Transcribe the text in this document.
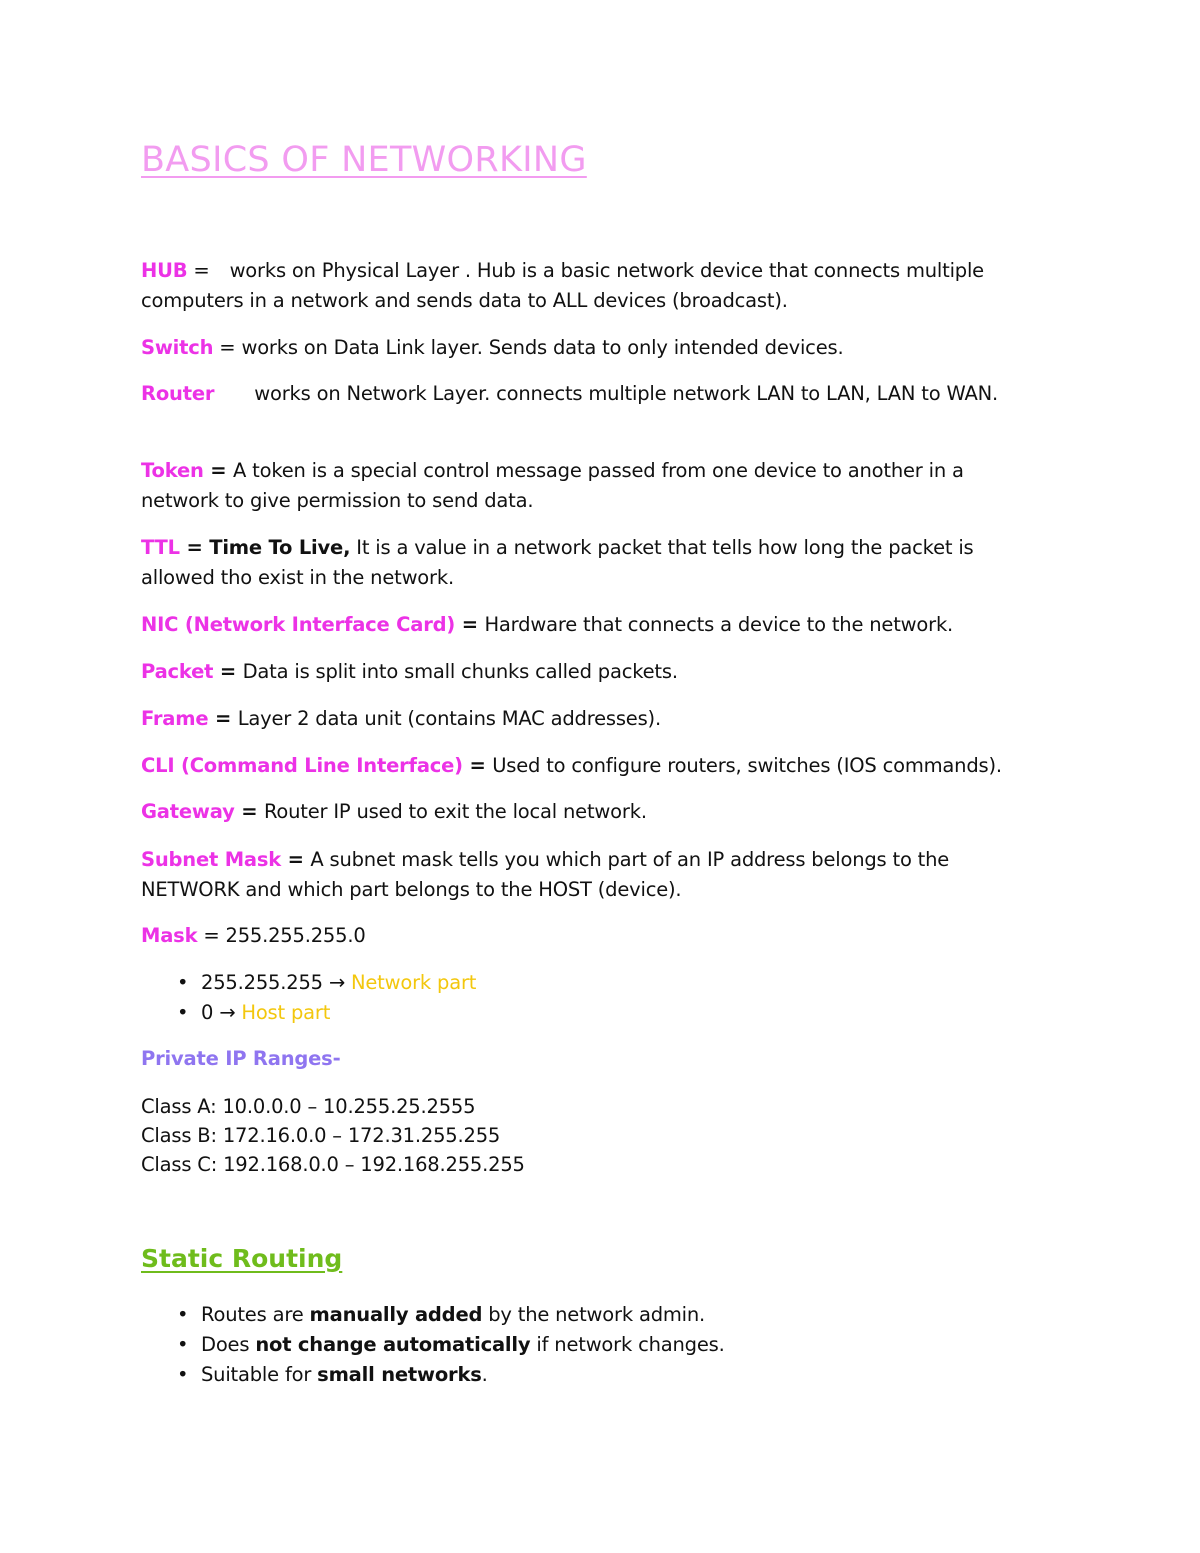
BASICS OF NETWORKING

HUB = works on Physical Layer . Hub is a basic network device that connects multiple computers in a network and sends data to ALL devices (broadcast).

Switch = works on Data Link layer. Sends data to only intended devices.

Router works on Network Layer. connects multiple network LAN to LAN, LAN to WAN.

Token = A token is a special control message passed from one device to another in a network to give permission to send data.

TTL = Time To Live, It is a value in a network packet that tells how long the packet is allowed tho exist in the network.

NIC (Network Interface Card) = Hardware that connects a device to the network.

Packet = Data is split into small chunks called packets.

Frame = Layer 2 data unit (contains MAC addresses).

CLI (Command Line Interface) = Used to configure routers, switches (IOS commands).

Gateway = Router IP used to exit the local network.

Subnet Mask = A subnet mask tells you which part of an IP address belongs to the NETWORK and which part belongs to the HOST (device).

Mask = 255.255.255.0

• 255.255.255 → Network part
• 0 → Host part

Private IP Ranges-

Class A: 10.0.0.0 – 10.255.25.2555
Class B: 172.16.0.0 – 172.31.255.255
Class C: 192.168.0.0 – 192.168.255.255
Static Routing
• Routes are manually added by the network admin.
• Does not change automatically if network changes.
• Suitable for small networks.
